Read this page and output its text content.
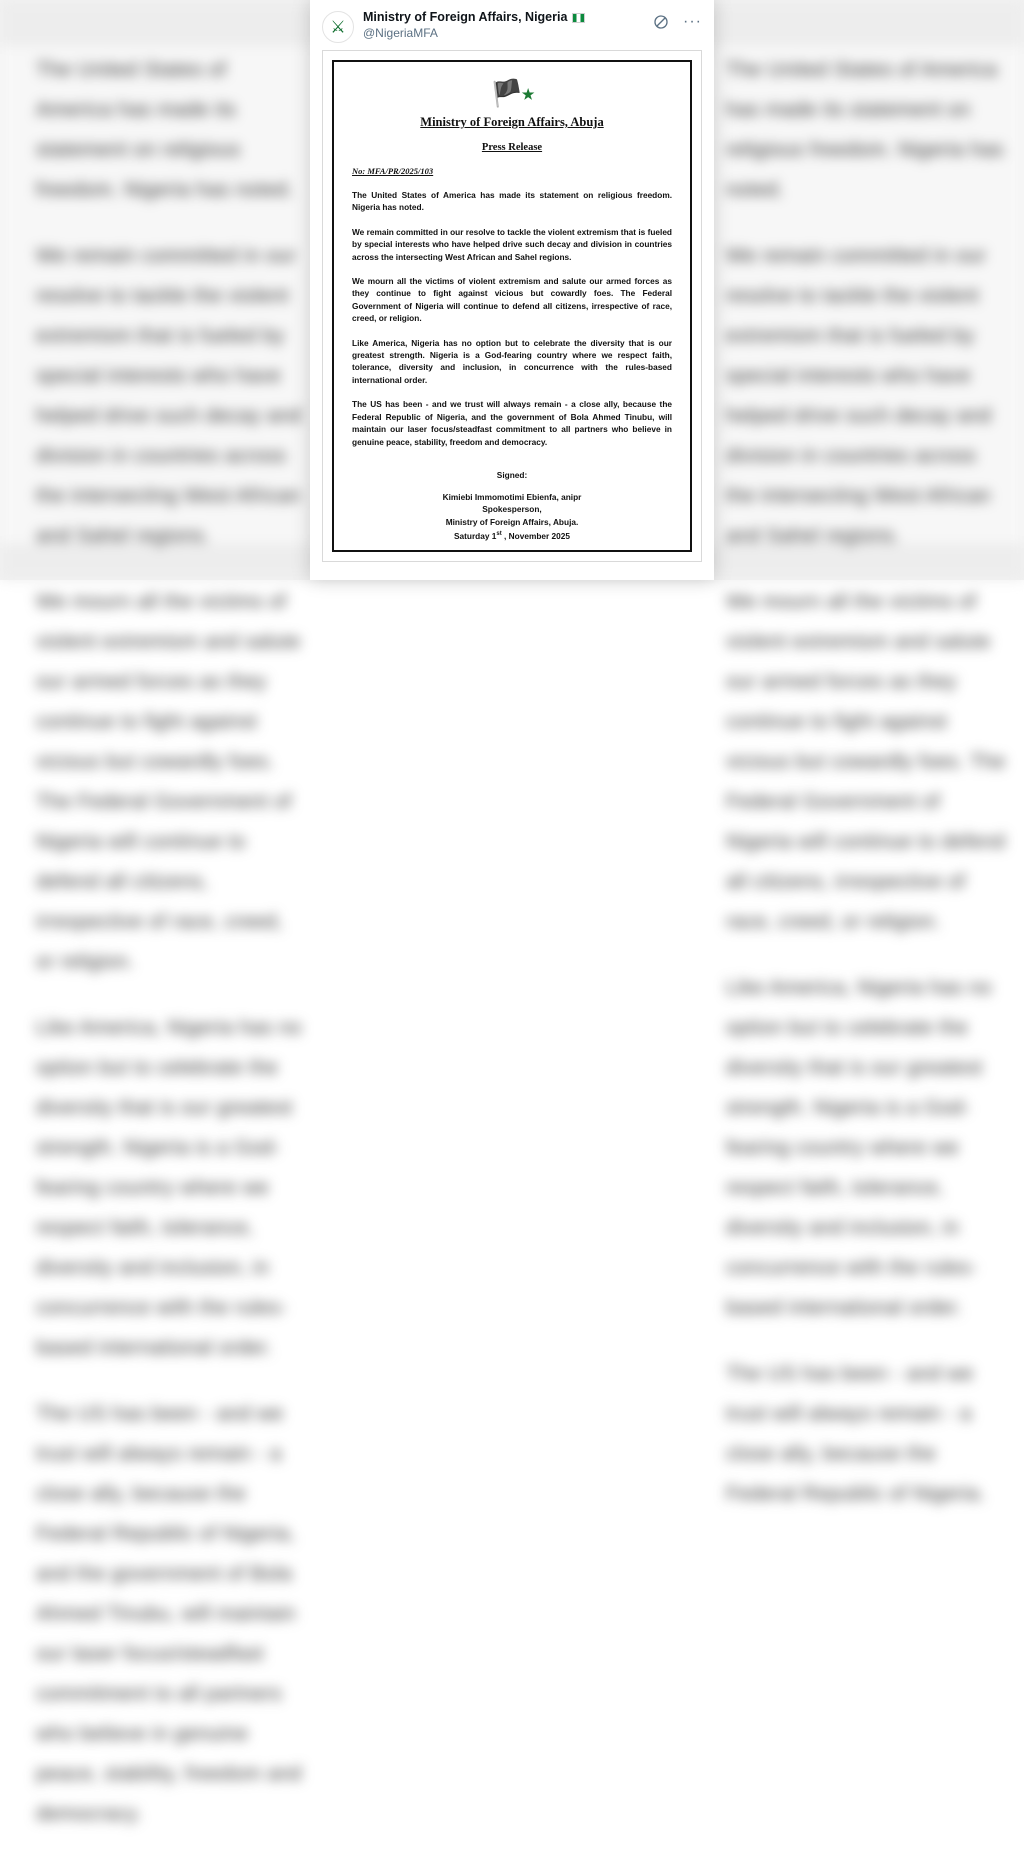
The United States of America has made its statement on religious freedom. Nigeria has noted.

We remain committed in our resolve to tackle the violent extremism that is fueled by special interests who have helped drive such decay and division in countries across the intersecting West African and Sahel regions.

We mourn all the victims of violent extremism and salute our armed forces as they continue to fight against vicious but cowardly foes. The Federal Government of Nigeria will continue to defend all citizens, irrespective of race, creed, or religion.

Like America, Nigeria has no option but to celebrate the diversity that is our greatest strength. Nigeria is a God-fearing country where we respect faith, tolerance, diversity and inclusion, in concurrence with the rules-based international order.

The US has been - and we trust will always remain - a close ally, because the Federal Republic of Nigeria, and the government of Bola Ahmed Tinubu, will maintain our laser focus/steadfast commitment to all partners who believe in genuine peace, stability, freedom and democracy.

The United States of America has made its statement on religious freedom. Nigeria has noted.

We remain committed in our resolve to tackle the violent extremism that is fueled by special interests who have helped drive such decay and division in countries across the intersecting West African and Sahel regions.

We mourn all the victims of violent extremism and salute our armed forces as they continue to fight against vicious but cowardly foes. The Federal Government of Nigeria will continue to defend all citizens, irrespective of race, creed, or religion.

Like America, Nigeria has no option but to celebrate the diversity that is our greatest strength. Nigeria is a God-fearing country where we respect faith, tolerance, diversity and inclusion, in concurrence with the rules-based international order.

The US has been - and we trust will always remain - a close ally, because the Federal Republic of Nigeria.

⚔
Ministry of Foreign Affairs, Nigeria
@NigeriaMFA
···
🏴⭑
Ministry of Foreign Affairs, Abuja
Press Release
No: MFA/PR/2025/103

The United States of America has made its statement on religious freedom. Nigeria has noted.

We remain committed in our resolve to tackle the violent extremism that is fueled by special interests who have helped drive such decay and division in countries across the intersecting West African and Sahel regions.

We mourn all the victims of violent extremism and salute our armed forces as they continue to fight against vicious but cowardly foes. The Federal Government of Nigeria will continue to defend all citizens, irrespective of race, creed, or religion.

Like America, Nigeria has no option but to celebrate the diversity that is our greatest strength. Nigeria is a God-fearing country where we respect faith, tolerance, diversity and inclusion, in concurrence with the rules-based international order.

The US has been - and we trust will always remain - a close ally, because the Federal Republic of Nigeria, and the government of Bola Ahmed Tinubu, will maintain our laser focus/steadfast commitment to all partners who believe in genuine peace, stability, freedom and democracy.

Signed:
Kimiebi Immomotimi Ebienfa, anipr
Spokesperson,
Ministry of Foreign Affairs, Abuja.
Saturday 1st , November 2025
